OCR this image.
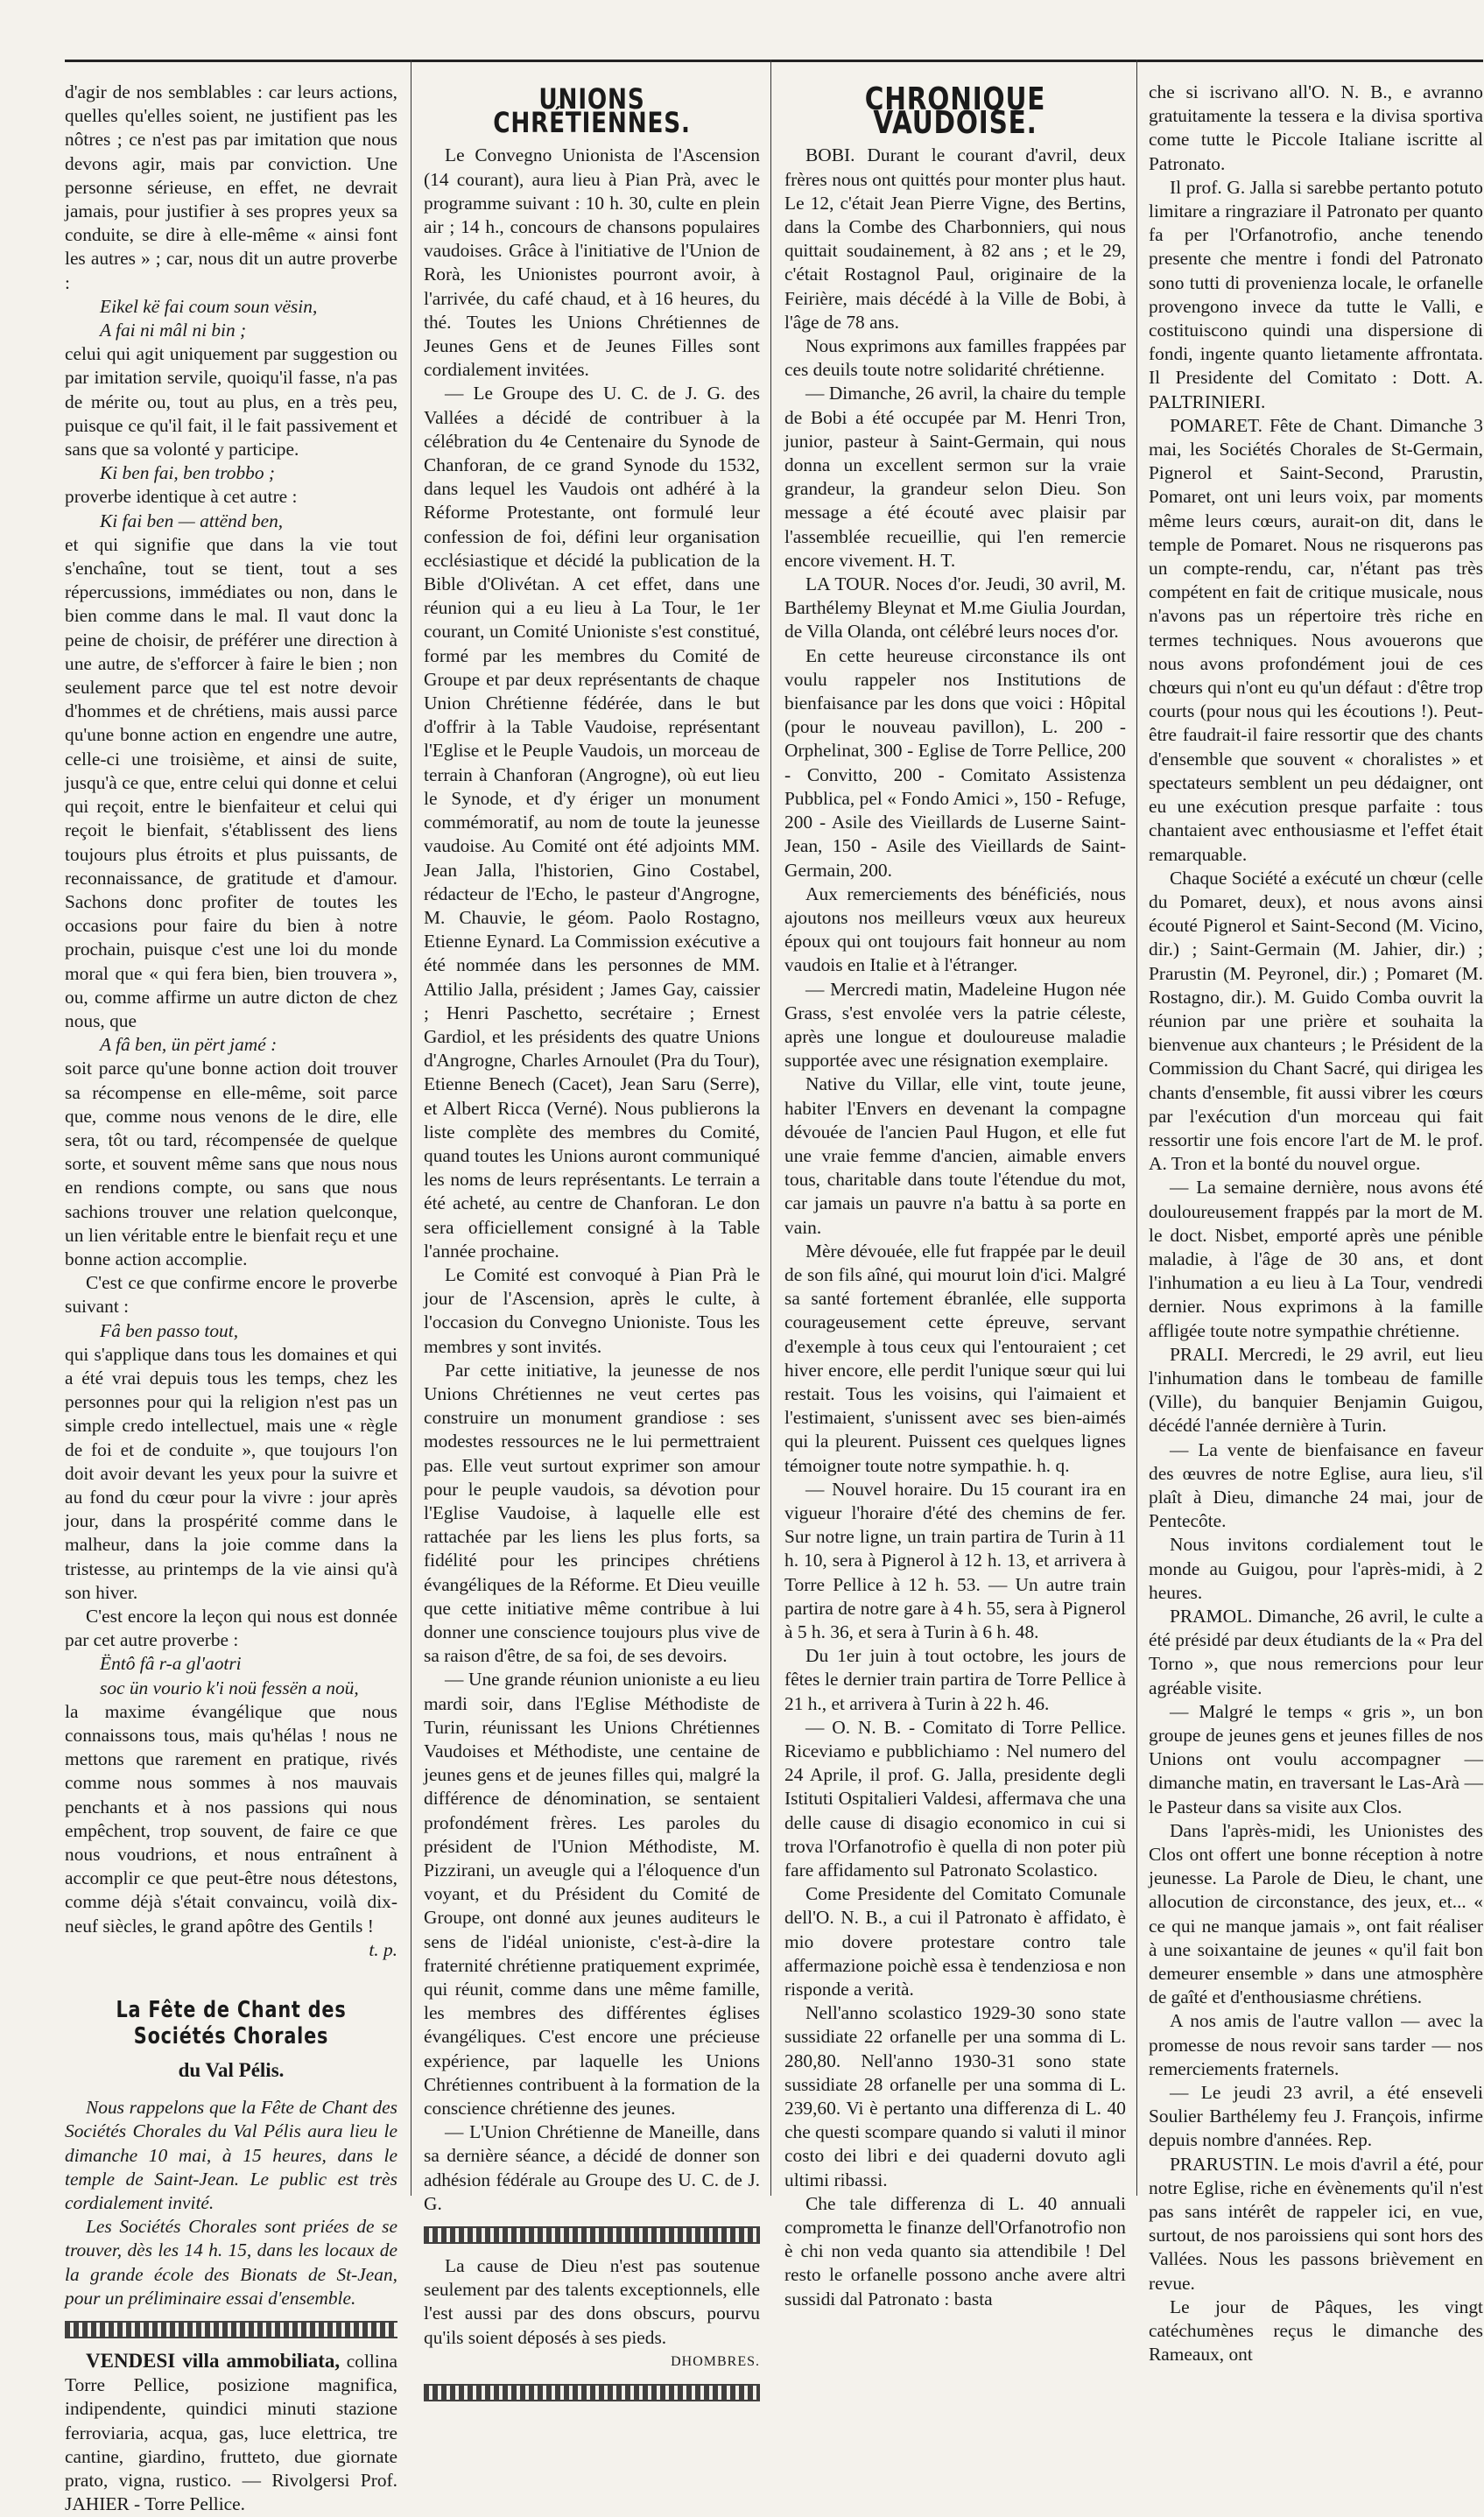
d'agir de nos semblables : car leurs actions, quelles qu'elles soient, ne justifient pas les nôtres ; ce n'est pas par imitation que nous devons agir, mais par conviction. Une personne sérieuse, en effet, ne devrait jamais, pour justifier à ses propres yeux sa conduite, se dire à elle-même « ainsi font les autres » ; car, nous dit un autre proverbe :

Eikel kë fai coum soun vësin,

A fai ni mâl ni bin ;

celui qui agit uniquement par suggestion ou par imitation servile, quoiqu'il fasse, n'a pas de mérite ou, tout au plus, en a très peu, puisque ce qu'il fait, il le fait passivement et sans que sa volonté y participe.

Ki ben fai, ben trobbo ;

proverbe identique à cet autre :

Ki fai ben — attënd ben,

et qui signifie que dans la vie tout s'enchaîne, tout se tient, tout a ses répercussions, immédiates ou non, dans le bien comme dans le mal. Il vaut donc la peine de choisir, de préférer une direction à une autre, de s'efforcer à faire le bien ; non seulement parce que tel est notre devoir d'hommes et de chrétiens, mais aussi parce qu'une bonne action en engendre une autre, celle-ci une troisième, et ainsi de suite, jusqu'à ce que, entre celui qui donne et celui qui reçoit, entre le bienfaiteur et celui qui reçoit le bienfait, s'établissent des liens toujours plus étroits et plus puissants, de reconnaissance, de gratitude et d'amour. Sachons donc profiter de toutes les occasions pour faire du bien à notre prochain, puisque c'est une loi du monde moral que « qui fera bien, bien trouvera », ou, comme affirme un autre dicton de chez nous, que

A fâ ben, ün përt jamé :

soit parce qu'une bonne action doit trouver sa récompense en elle-même, soit parce que, comme nous venons de le dire, elle sera, tôt ou tard, récompensée de quelque sorte, et souvent même sans que nous nous en rendions compte, ou sans que nous sachions trouver une relation quelconque, un lien véritable entre le bienfait reçu et une bonne action accomplie.

C'est ce que confirme encore le proverbe suivant :

Fâ ben passo tout,

qui s'applique dans tous les domaines et qui a été vrai depuis tous les temps, chez les personnes pour qui la religion n'est pas un simple credo intellectuel, mais une « règle de foi et de conduite », que toujours l'on doit avoir devant les yeux pour la suivre et au fond du cœur pour la vivre : jour après jour, dans la prospérité comme dans le malheur, dans la joie comme dans la tristesse, au printemps de la vie ainsi qu'à son hiver.

C'est encore la leçon qui nous est donnée par cet autre proverbe :

Ëntô fâ r-a gl'aotri

soc ün vourio k'i noü fessën a noü,

la maxime évangélique que nous connaissons tous, mais qu'hélas ! nous ne mettons que rarement en pratique, rivés comme nous sommes à nos mauvais penchants et à nos passions qui nous empêchent, trop souvent, de faire ce que nous voudrions, et nous entraînent à accomplir ce que peut-être nous détestons, comme déjà s'était convaincu, voilà dix-neuf siècles, le grand apôtre des Gentils !

t. p.

La Fête de Chant des Sociétés Chorales
du Val Pélis.

Nous rappelons que la Fête de Chant des Sociétés Chorales du Val Pélis aura lieu le dimanche 10 mai, à 15 heures, dans le temple de Saint-Jean. Le public est très cordialement invité.

Les Sociétés Chorales sont priées de se trouver, dès les 14 h. 15, dans les locaux de la grande école des Bionats de St-Jean, pour un préliminaire essai d'ensemble.

VENDESI villa ammobiliata, collina Torre Pellice, posizione magnifica, indipendente, quindici minuti stazione ferroviaria, acqua, gas, luce elettrica, tre cantine, giardino, frutteto, due giornate prato, vigna, rustico. — Rivolgersi Prof. JAHIER - Torre Pellice.

UNIONS CHRÉTIENNES.

Le Convegno Unionista de l'Ascension (14 courant), aura lieu à Pian Prà, avec le programme suivant : 10 h. 30, culte en plein air ; 14 h., concours de chansons populaires vaudoises. Grâce à l'initiative de l'Union de Rorà, les Unionistes pourront avoir, à l'arrivée, du café chaud, et à 16 heures, du thé. Toutes les Unions Chrétiennes de Jeunes Gens et de Jeunes Filles sont cordialement invitées.

— Le Groupe des U. C. de J. G. des Vallées a décidé de contribuer à la célébration du 4e Centenaire du Synode de Chanforan, de ce grand Synode du 1532, dans lequel les Vaudois ont adhéré à la Réforme Protestante, ont formulé leur confession de foi, défini leur organisation ecclésiastique et décidé la publication de la Bible d'Olivétan. A cet effet, dans une réunion qui a eu lieu à La Tour, le 1er courant, un Comité Unioniste s'est constitué, formé par les membres du Comité de Groupe et par deux représentants de chaque Union Chrétienne fédérée, dans le but d'offrir à la Table Vaudoise, représentant l'Eglise et le Peuple Vaudois, un morceau de terrain à Chanforan (Angrogne), où eut lieu le Synode, et d'y ériger un monument commémoratif, au nom de toute la jeunesse vaudoise. Au Comité ont été adjoints MM. Jean Jalla, l'historien, Gino Costabel, rédacteur de l'Echo, le pasteur d'Angrogne, M. Chauvie, le géom. Paolo Rostagno, Etienne Eynard. La Commission exécutive a été nommée dans les personnes de MM. Attilio Jalla, président ; James Gay, caissier ; Henri Paschetto, secrétaire ; Ernest Gardiol, et les présidents des quatre Unions d'Angrogne, Charles Arnoulet (Pra du Tour), Etienne Benech (Cacet), Jean Saru (Serre), et Albert Ricca (Verné). Nous publierons la liste complète des membres du Comité, quand toutes les Unions auront communiqué les noms de leurs représentants. Le terrain a été acheté, au centre de Chanforan. Le don sera officiellement consigné à la Table l'année prochaine.

Le Comité est convoqué à Pian Prà le jour de l'Ascension, après le culte, à l'occasion du Convegno Unioniste. Tous les membres y sont invités.

Par cette initiative, la jeunesse de nos Unions Chrétiennes ne veut certes pas construire un monument grandiose : ses modestes ressources ne le lui permettraient pas. Elle veut surtout exprimer son amour pour le peuple vaudois, sa dévotion pour l'Eglise Vaudoise, à laquelle elle est rattachée par les liens les plus forts, sa fidélité pour les principes chrétiens évangéliques de la Réforme. Et Dieu veuille que cette initiative même contribue à lui donner une conscience toujours plus vive de sa raison d'être, de sa foi, de ses devoirs.

— Une grande réunion unioniste a eu lieu mardi soir, dans l'Eglise Méthodiste de Turin, réunissant les Unions Chrétiennes Vaudoises et Méthodiste, une centaine de jeunes gens et de jeunes filles qui, malgré la différence de dénomination, se sentaient profondément frères. Les paroles du président de l'Union Méthodiste, M. Pizzirani, un aveugle qui a l'éloquence d'un voyant, et du Président du Comité de Groupe, ont donné aux jeunes auditeurs le sens de l'idéal unioniste, c'est-à-dire la fraternité chrétienne pratiquement exprimée, qui réunit, comme dans une même famille, les membres des différentes églises évangéliques. C'est encore une précieuse expérience, par laquelle les Unions Chrétiennes contribuent à la formation de la conscience chrétienne des jeunes.

— L'Union Chrétienne de Maneille, dans sa dernière séance, a décidé de donner son adhésion fédérale au Groupe des U. C. de J. G.

La cause de Dieu n'est pas soutenue seulement par des talents exceptionnels, elle l'est aussi par des dons obscurs, pourvu qu'ils soient déposés à ses pieds.

DHOMBRES.

CHRONIQUE VAUDOISE.

BOBI. Durant le courant d'avril, deux frères nous ont quittés pour monter plus haut. Le 12, c'était Jean Pierre Vigne, des Bertins, dans la Combe des Charbonniers, qui nous quittait soudainement, à 82 ans ; et le 29, c'était Rostagnol Paul, originaire de la Feirière, mais décédé à la Ville de Bobi, à l'âge de 78 ans.

Nous exprimons aux familles frappées par ces deuils toute notre solidarité chrétienne.

— Dimanche, 26 avril, la chaire du temple de Bobi a été occupée par M. Henri Tron, junior, pasteur à Saint-Germain, qui nous donna un excellent sermon sur la vraie grandeur, la grandeur selon Dieu. Son message a été écouté avec plaisir par l'assemblée recueillie, qui l'en remercie encore vivement. H. T.

LA TOUR. Noces d'or. Jeudi, 30 avril, M. Barthélemy Bleynat et M.me Giulia Jourdan, de Villa Olanda, ont célébré leurs noces d'or.

En cette heureuse circonstance ils ont voulu rappeler nos Institutions de bienfaisance par les dons que voici : Hôpital (pour le nouveau pavillon), L. 200 - Orphelinat, 300 - Eglise de Torre Pellice, 200 - Convitto, 200 - Comitato Assistenza Pubblica, pel « Fondo Amici », 150 - Refuge, 200 - Asile des Vieillards de Luserne Saint-Jean, 150 - Asile des Vieillards de Saint-Germain, 200.

Aux remerciements des bénéficiés, nous ajoutons nos meilleurs vœux aux heureux époux qui ont toujours fait honneur au nom vaudois en Italie et à l'étranger.

— Mercredi matin, Madeleine Hugon née Grass, s'est envolée vers la patrie céleste, après une longue et douloureuse maladie supportée avec une résignation exemplaire.

Native du Villar, elle vint, toute jeune, habiter l'Envers en devenant la compagne dévouée de l'ancien Paul Hugon, et elle fut une vraie femme d'ancien, aimable envers tous, charitable dans toute l'étendue du mot, car jamais un pauvre n'a battu à sa porte en vain.

Mère dévouée, elle fut frappée par le deuil de son fils aîné, qui mourut loin d'ici. Malgré sa santé fortement ébranlée, elle supporta courageusement cette épreuve, servant d'exemple à tous ceux qui l'entouraient ; cet hiver encore, elle perdit l'unique sœur qui lui restait. Tous les voisins, qui l'aimaient et l'estimaient, s'unissent avec ses bien-aimés qui la pleurent. Puissent ces quelques lignes témoigner toute notre sympathie. h. q.

— Nouvel horaire. Du 15 courant ira en vigueur l'horaire d'été des chemins de fer. Sur notre ligne, un train partira de Turin à 11 h. 10, sera à Pignerol à 12 h. 13, et arrivera à Torre Pellice à 12 h. 53. — Un autre train partira de notre gare à 4 h. 55, sera à Pignerol à 5 h. 36, et sera à Turin à 6 h. 48.

Du 1er juin à tout octobre, les jours de fêtes le dernier train partira de Torre Pellice à 21 h., et arrivera à Turin à 22 h. 46.

— O. N. B. - Comitato di Torre Pellice. Riceviamo e pubblichiamo : Nel numero del 24 Aprile, il prof. G. Jalla, presidente degli Istituti Ospitalieri Valdesi, affermava che una delle cause di disagio economico in cui si trova l'Orfanotrofio è quella di non poter più fare affidamento sul Patronato Scolastico.

Come Presidente del Comitato Comunale dell'O. N. B., a cui il Patronato è affidato, è mio dovere protestare contro tale affermazione poichè essa è tendenziosa e non risponde a verità.

Nell'anno scolastico 1929-30 sono state sussidiate 22 orfanelle per una somma di L. 280,80. Nell'anno 1930-31 sono state sussidiate 28 orfanelle per una somma di L. 239,60. Vi è pertanto una differenza di L. 40 che questi scompare quando si valuti il minor costo dei libri e dei quaderni dovuto agli ultimi ribassi.

Che tale differenza di L. 40 annuali comprometta le finanze dell'Orfanotrofio non è chi non veda quanto sia attendibile ! Del resto le orfanelle possono anche avere altri sussidi dal Patronato : basta

che si iscrivano all'O. N. B., e avranno gratuitamente la tessera e la divisa sportiva come tutte le Piccole Italiane iscritte al Patronato.

Il prof. G. Jalla si sarebbe pertanto potuto limitare a ringraziare il Patronato per quanto fa per l'Orfanotrofio, anche tenendo presente che mentre i fondi del Patronato sono tutti di provenienza locale, le orfanelle provengono invece da tutte le Valli, e costituiscono quindi una dispersione di fondi, ingente quanto lietamente affrontata. Il Presidente del Comitato : Dott. A. PALTRINIERI.

POMARET. Fête de Chant. Dimanche 3 mai, les Sociétés Chorales de St-Germain, Pignerol et Saint-Second, Prarustin, Pomaret, ont uni leurs voix, par moments même leurs cœurs, aurait-on dit, dans le temple de Pomaret. Nous ne risquerons pas un compte-rendu, car, n'étant pas très compétent en fait de critique musicale, nous n'avons pas un répertoire très riche en termes techniques. Nous avouerons que nous avons profondément joui de ces chœurs qui n'ont eu qu'un défaut : d'être trop courts (pour nous qui les écoutions !). Peut-être faudrait-il faire ressortir que des chants d'ensemble que souvent « choralistes » et spectateurs semblent un peu dédaigner, ont eu une exécution presque parfaite : tous chantaient avec enthousiasme et l'effet était remarquable.

Chaque Société a exécuté un chœur (celle du Pomaret, deux), et nous avons ainsi écouté Pignerol et Saint-Second (M. Vicino, dir.) ; Saint-Germain (M. Jahier, dir.) ; Prarustin (M. Peyronel, dir.) ; Pomaret (M. Rostagno, dir.). M. Guido Comba ouvrit la réunion par une prière et souhaita la bienvenue aux chanteurs ; le Président de la Commission du Chant Sacré, qui dirigea les chants d'ensemble, fit aussi vibrer les cœurs par l'exécution d'un morceau qui fait ressortir une fois encore l'art de M. le prof. A. Tron et la bonté du nouvel orgue.

— La semaine dernière, nous avons été douloureusement frappés par la mort de M. le doct. Nisbet, emporté après une pénible maladie, à l'âge de 30 ans, et dont l'inhumation a eu lieu à La Tour, vendredi dernier. Nous exprimons à la famille affligée toute notre sympathie chrétienne.

PRALI. Mercredi, le 29 avril, eut lieu l'inhumation dans le tombeau de famille (Ville), du banquier Benjamin Guigou, décédé l'année dernière à Turin.

— La vente de bienfaisance en faveur des œuvres de notre Eglise, aura lieu, s'il plaît à Dieu, dimanche 24 mai, jour de Pentecôte.

Nous invitons cordialement tout le monde au Guigou, pour l'après-midi, à 2 heures.

PRAMOL. Dimanche, 26 avril, le culte a été présidé par deux étudiants de la « Pra del Torno », que nous remercions pour leur agréable visite.

— Malgré le temps « gris », un bon groupe de jeunes gens et jeunes filles de nos Unions ont voulu accompagner — dimanche matin, en traversant le Las-Arà — le Pasteur dans sa visite aux Clos.

Dans l'après-midi, les Unionistes des Clos ont offert une bonne réception à notre jeunesse. La Parole de Dieu, le chant, une allocution de circonstance, des jeux, et... « ce qui ne manque jamais », ont fait réaliser à une soixantaine de jeunes « qu'il fait bon demeurer ensemble » dans une atmosphère de gaîté et d'enthousiasme chrétiens.

A nos amis de l'autre vallon — avec la promesse de nous revoir sans tarder — nos remerciements fraternels.

— Le jeudi 23 avril, a été enseveli Soulier Barthélemy feu J. François, infirme depuis nombre d'années. Rep.

PRARUSTIN. Le mois d'avril a été, pour notre Eglise, riche en évènements qu'il n'est pas sans intérêt de rappeler ici, en vue, surtout, de nos paroissiens qui sont hors des Vallées. Nous les passons brièvement en revue.

Le jour de Pâques, les vingt catéchumènes reçus le dimanche des Rameaux, ont
